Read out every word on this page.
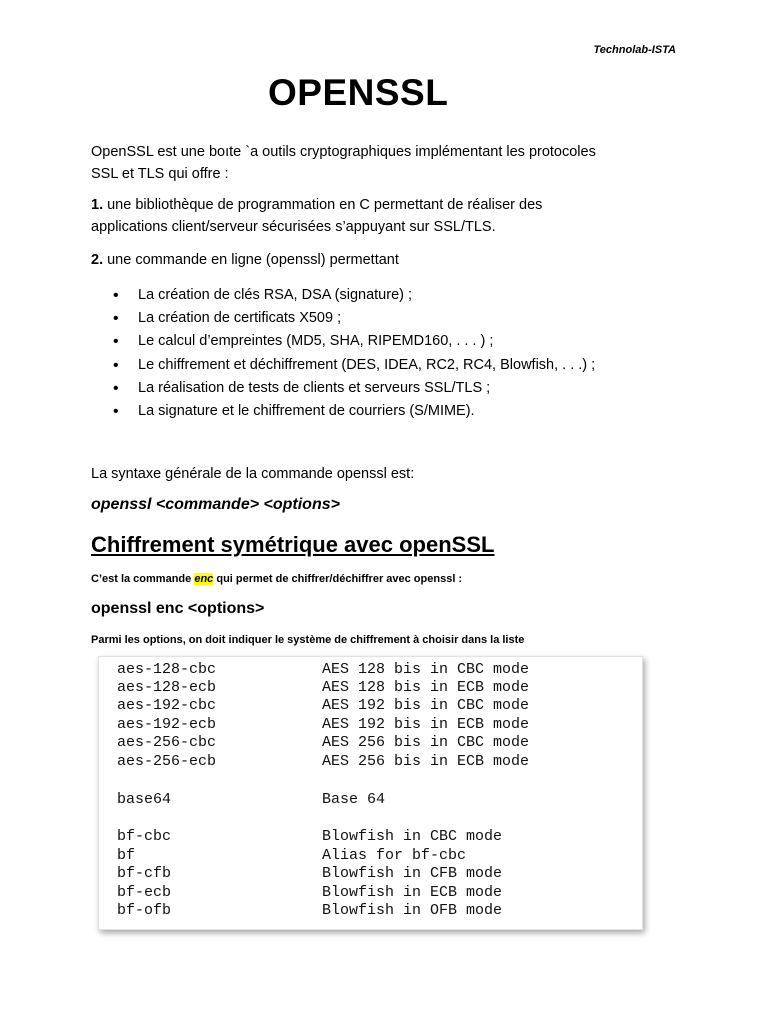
Technolab-ISTA
OPENSSL

OpenSSL est une boıte `a outils cryptographiques implémentant les protocoles
SSL et TLS qui offre :

1. une bibliothèque de programmation en C permettant de réaliser des
applications client/serveur sécurisées s’appuyant sur SSL/TLS.

2. une commande en ligne (openssl) permettant

• La création de clés RSA, DSA (signature) ;
• La création de certificats X509 ;
• Le calcul d’empreintes (MD5, SHA, RIPEMD160, . . . ) ;
• Le chiffrement et déchiffrement (DES, IDEA, RC2, RC4, Blowfish, . . .) ;
• La réalisation de tests de clients et serveurs SSL/TLS ;
• La signature et le chiffrement de courriers (S/MIME).

La syntaxe générale de la commande openssl est:

openssl <commande> <options>

Chiffrement symétrique avec openSSL

C’est la commande enc qui permet de chiffrer/déchiffrer avec openssl :

openssl enc <options>

Parmi les options, on doit indiquer le système de chiffrement à choisir dans la liste

aes-128-cbc	AES 128 bis in CBC mode
aes-128-ecb	AES 128 bis in ECB mode
aes-192-cbc	AES 192 bis in CBC mode
aes-192-ecb	AES 192 bis in ECB mode
aes-256-cbc	AES 256 bis in CBC mode
aes-256-ecb	AES 256 bis in ECB mode
base64	Base 64
bf-cbc	Blowfish in CBC mode
bf	Alias for bf-cbc
bf-cfb	Blowfish in CFB mode
bf-ecb	Blowfish in ECB mode
bf-ofb	Blowfish in OFB mode
